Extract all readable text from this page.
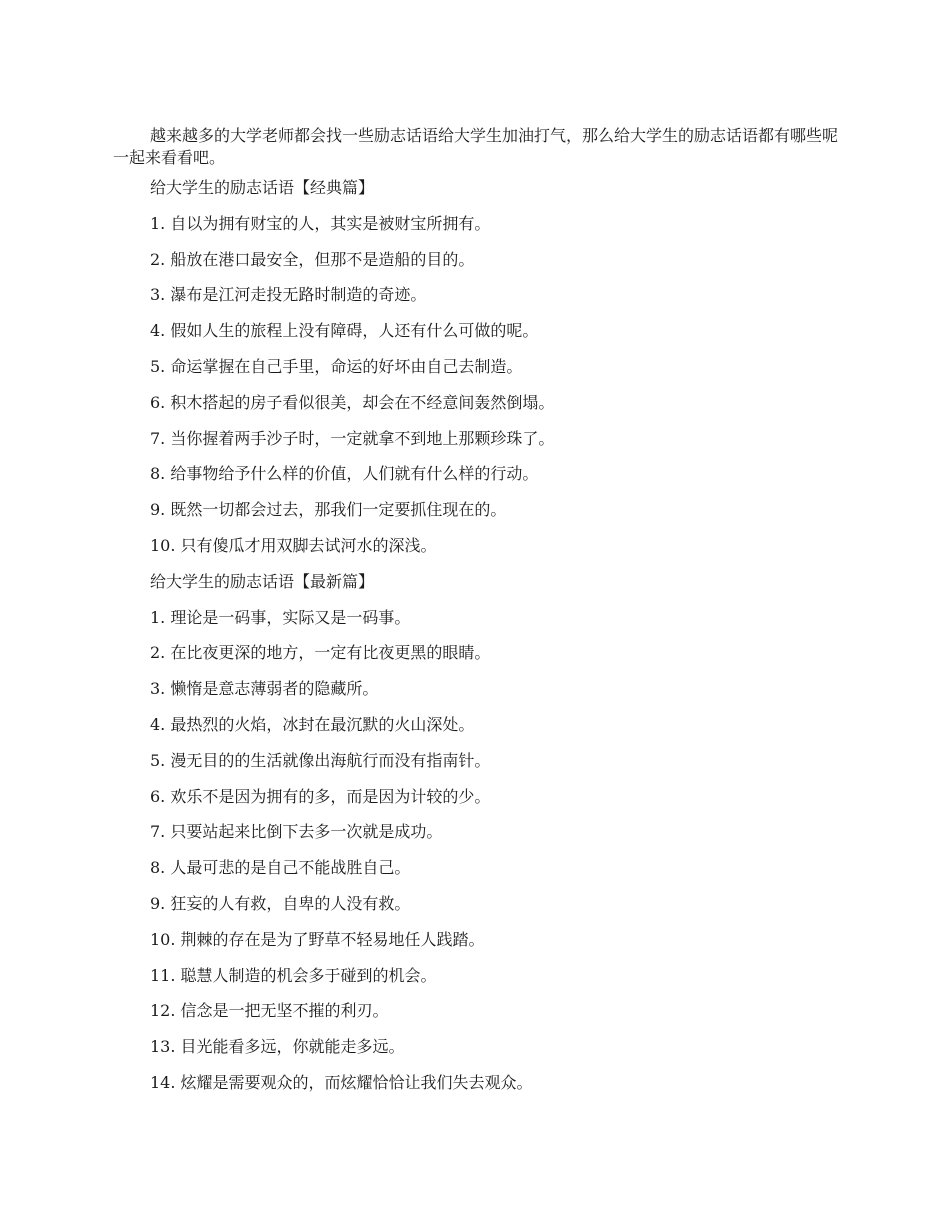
越来越多的大学老师都会找一些励志话语给大学生加油打气，那么给大学生的励志话语都有哪些呢一起来看看吧。

给大学生的励志话语【经典篇】

1. 自以为拥有财宝的人，其实是被财宝所拥有。

2. 船放在港口最安全，但那不是造船的目的。

3. 瀑布是江河走投无路时制造的奇迹。

4. 假如人生的旅程上没有障碍，人还有什么可做的呢。

5. 命运掌握在自己手里，命运的好坏由自己去制造。

6. 积木搭起的房子看似很美，却会在不经意间轰然倒塌。

7. 当你握着两手沙子时，一定就拿不到地上那颗珍珠了。

8. 给事物给予什么样的价值，人们就有什么样的行动。

9. 既然一切都会过去，那我们一定要抓住现在的。

10. 只有傻瓜才用双脚去试河水的深浅。

给大学生的励志话语【最新篇】

1. 理论是一码事，实际又是一码事。

2. 在比夜更深的地方，一定有比夜更黑的眼睛。

3. 懒惰是意志薄弱者的隐藏所。

4. 最热烈的火焰，冰封在最沉默的火山深处。

5. 漫无目的的生活就像出海航行而没有指南针。

6. 欢乐不是因为拥有的多，而是因为计较的少。

7. 只要站起来比倒下去多一次就是成功。

8. 人最可悲的是自己不能战胜自己。

9. 狂妄的人有救，自卑的人没有救。

10. 荆棘的存在是为了野草不轻易地任人践踏。

11. 聪慧人制造的机会多于碰到的机会。

12. 信念是一把无坚不摧的利刃。

13. 目光能看多远，你就能走多远。

14. 炫耀是需要观众的，而炫耀恰恰让我们失去观众。
